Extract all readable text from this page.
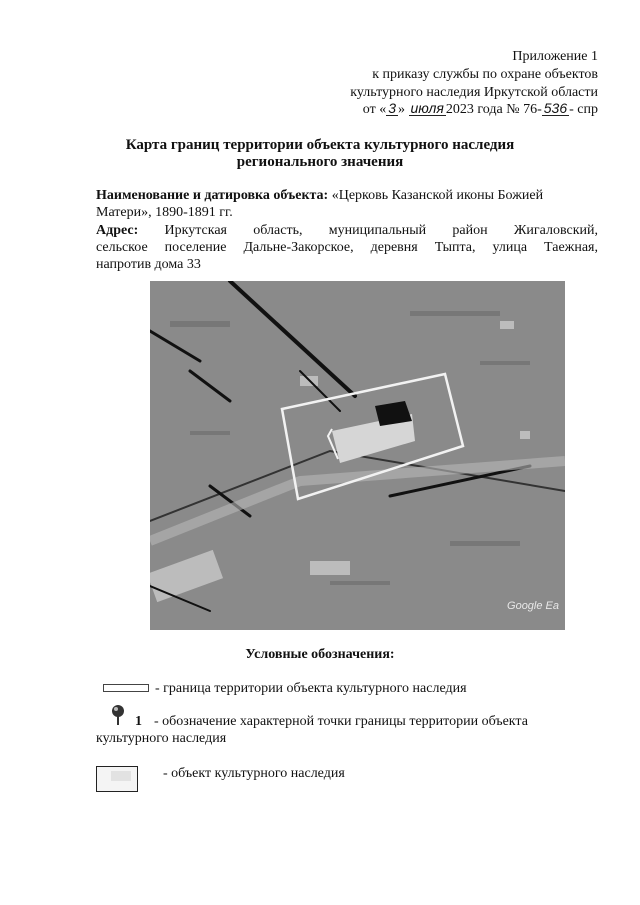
Приложение 1
к приказу службы по охране объектов
культурного наследия Иркутской области
от « 3 » июля 2023 года № 76- 536 - спр
Карта границ территории объекта культурного наследия
регионального значения
Наименование и датировка объекта: «Церковь Казанской иконы Божией
Матери», 1890-1891 гг.
Адрес: Иркутская область, муниципальный район Жигаловский,
сельское поселение Дальне-Закорское, деревня Тыпта, улица Таежная,
напротив дома 33
Google Ea
Условные обозначения:
- граница территории объекта культурного наследия
1 - обозначение характерной точки границы территории объекта
культурного наследия
- объект культурного наследия
